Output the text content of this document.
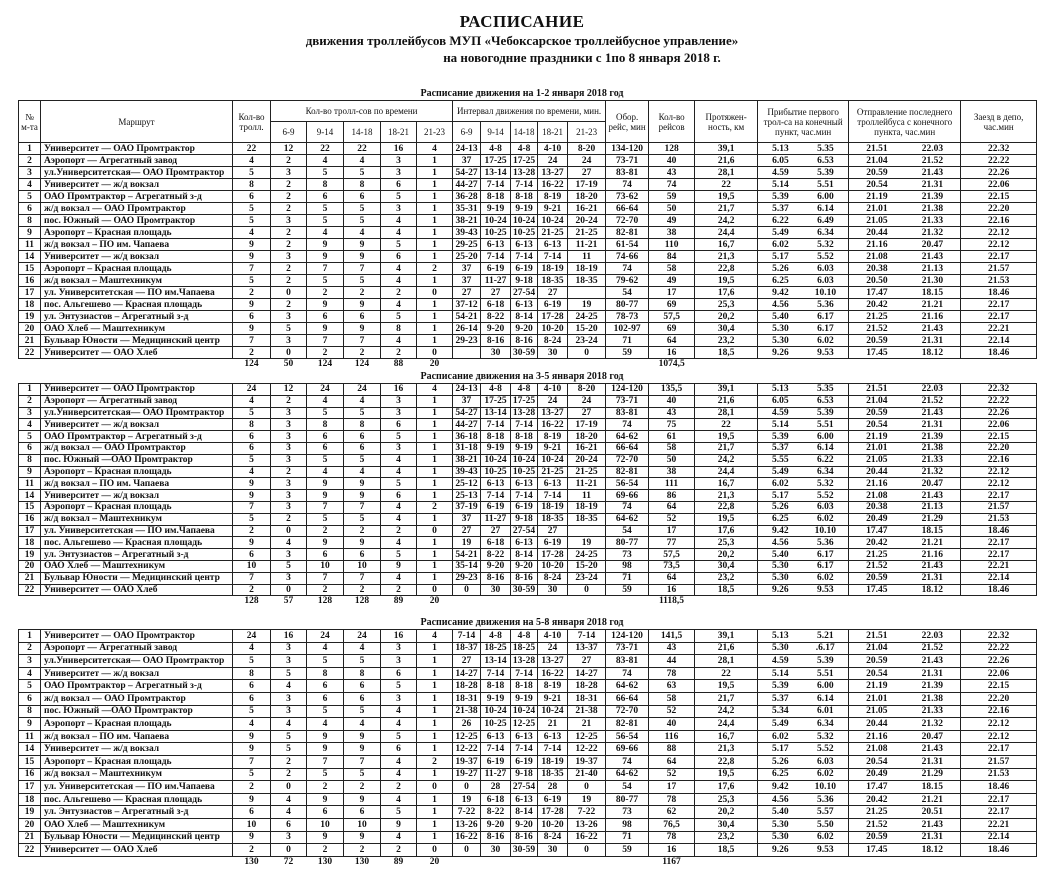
РАСПИСАНИЕ
движения троллейбусов МУП «Чебоксарское троллейбусное управление»
на новогодние праздники с 1по 8 января 2018 г.
Расписание движения на 1-2 января 2018 год
№ м-та	Маршрут	Кол-во тролл.	Кол-во тролл-сов по времени					Интервал движения по времени, мин.					Обор. рейс, мин	Кол-во рейсов	Протяжен-ность, км	Прибытие первого трол-са на конечный пункт, час.мин		Отправление последнего троллейбуса с конечного пункта, час.мин		Заезд в депо, час.мин
			6-9	9-14	14-18	18-21	21-23	6-9	9-14	14-18	18-21	21-23								
1	Университет — ОАО Промтрактор	22	12	22	22	16	4	24-13	4-8	4-8	4-10	8-20	134-120	128	39,1	5.13	5.35	21.51	22.03	22.32
2	Аэропорт — Агрегатный завод	4	2	4	4	3	1	37	17-25	17-25	24	24	73-71	40	21,6	6.05	6.53	21.04	21.52	22.22
3	ул.Университетская— ОАО Промтрактор	5	3	5	5	3	1	54-27	13-14	13-28	13-27	27	83-81	43	28,1	4.59	5.39	20.59	21.43	22.26
4	Университет — ж/д вокзал	8	2	8	8	6	1	44-27	7-14	7-14	16-22	17-19	74	74	22	5.14	5.51	20.54	21.31	22.06
5	ОАО Промтрактор – Агрегатный з-д	6	2	6	6	5	1	36-28	8-18	8-18	8-19	18-20	73-62	59	19,5	5.39	6.00	21.19	21.39	22.15
6	ж/д вокзал — ОАО Промтрактор	5	2	5	5	3	1	35-31	9-19	9-19	9-21	16-21	66-64	50	21,7	5.37	6.14	21.01	21.38	22.20
8	пос. Южный — ОАО Промтрактор	5	3	5	5	4	1	38-21	10-24	10-24	10-24	20-24	72-70	49	24,2	6.22	6.49	21.05	21.33	22.16
9	Аэропорт – Красная площадь	4	2	4	4	4	1	39-43	10-25	10-25	21-25	21-25	82-81	38	24,4	5.49	6.34	20.44	21.32	22.12
11	ж/д вокзал – ПО им. Чапаева	9	2	9	9	5	1	29-25	6-13	6-13	6-13	11-21	61-54	110	16,7	6.02	5.32	21.16	20.47	22.12
14	Университет — ж/д вокзал	9	3	9	9	6	1	25-20	7-14	7-14	7-14	11	74-66	84	21,3	5.17	5.52	21.08	21.43	22.17
15	Аэропорт – Красная площадь	7	2	7	7	4	2	37	6-19	6-19	18-19	18-19	74	58	22,8	5.26	6.03	20.38	21.13	21.57
16	ж/д вокзал – Маштехникум	5	2	5	5	4	1	37	11-27	9-18	18-35	18-35	79-62	49	19,5	6.25	6.03	20.50	21.30	21.53
17	ул. Университетская — ПО им.Чапаева	2	0	2	2	2	0	27	27	27-54	27		54	17	17,6	9.42	10.10	17.47	18.15	18.46
18	пос. Альгешево — Красная площадь	9	2	9	9	4	1	37-12	6-18	6-13	6-19	19	80-77	69	25,3	4.56	5.36	20.42	21.21	22.17
19	ул. Энтузиастов – Агрегатный з-д	6	3	6	6	5	1	54-21	8-22	8-14	17-28	24-25	78-73	57,5	20,2	5.40	6.17	21.25	21.16	22.17
20	ОАО Хлеб — Маштехникум	9	5	9	9	8	1	26-14	9-20	9-20	10-20	15-20	102-97	69	30,4	5.30	6.17	21.52	21.43	22.21
21	Бульвар Юности — Медицинский центр	7	3	7	7	4	1	29-23	8-16	8-16	8-24	23-24	71	64	23,2	5.30	6.02	20.59	21.31	22.14
22	Университет — ОАО Хлеб	2	0	2	2	2	0		30	30-59	30	0	59	16	18,5	9.26	9.53	17.45	18.12	18.46
		124	50	124	124	88	20							1074,5						
Расписание движения на 3-5 января 2018 год
1	Университет — ОАО Промтрактор	24	12	24	24	16	4	24-13	4-8	4-8	4-10	8-20	124-120	135,5	39,1	5.13	5.35	21.51	22.03	22.32
2	Аэропорт — Агрегатный завод	4	2	4	4	3	1	37	17-25	17-25	24	24	73-71	40	21,6	6.05	6.53	21.04	21.52	22.22
3	ул.Университетская— ОАО Промтрактор	5	3	5	5	3	1	54-27	13-14	13-28	13-27	27	83-81	43	28,1	4.59	5.39	20.59	21.43	22.26
4	Университет — ж/д вокзал	8	3	8	8	6	1	44-27	7-14	7-14	16-22	17-19	74	75	22	5.14	5.51	20.54	21.31	22.06
5	ОАО Промтрактор – Агрегатный з-д	6	3	6	6	5	1	36-18	8-18	8-18	8-19	18-20	64-62	61	19,5	5.39	6.00	21.19	21.39	22.15
6	ж/д вокзал — ОАО Промтрактор	6	3	6	6	3	1	31-18	9-19	9-19	9-21	16-21	66-64	58	21,7	5.37	6.14	21.01	21.38	22.20
8	пос. Южный —ОАО Промтрактор	5	3	5	5	4	1	38-21	10-24	10-24	10-24	20-24	72-70	50	24,2	5.55	6.22	21.05	21.33	22.16
9	Аэропорт – Красная площадь	4	2	4	4	4	1	39-43	10-25	10-25	21-25	21-25	82-81	38	24,4	5.49	6.34	20.44	21.32	22.12
11	ж/д вокзал – ПО им. Чапаева	9	3	9	9	5	1	25-12	6-13	6-13	6-13	11-21	56-54	111	16,7	6.02	5.32	21.16	20.47	22.12
14	Университет — ж/д вокзал	9	3	9	9	6	1	25-13	7-14	7-14	7-14	11	69-66	86	21,3	5.17	5.52	21.08	21.43	22.17
15	Аэропорт – Красная площадь	7	3	7	7	4	2	37-19	6-19	6-19	18-19	18-19	74	64	22,8	5.26	6.03	20.38	21.13	21.57
16	ж/д вокзал – Маштехникум	5	2	5	5	4	1	37	11-27	9-18	18-35	18-35	64-62	52	19,5	6.25	6.02	20.49	21.29	21.53
17	ул. Университетская — ПО им.Чапаева	2	0	2	2	2	0	27	27	27-54	27		54	17	17,6	9.42	10.10	17.47	18.15	18.46
18	пос. Альгешево — Красная площадь	9	4	9	9	4	1	19	6-18	6-13	6-19	19	80-77	77	25,3	4.56	5.36	20.42	21.21	22.17
19	ул. Энтузиастов – Агрегатный з-д	6	3	6	6	5	1	54-21	8-22	8-14	17-28	24-25	73	57,5	20,2	5.40	6.17	21.25	21.16	22.17
20	ОАО Хлеб — Маштехникум	10	5	10	10	9	1	35-14	9-20	9-20	10-20	15-20	98	73,5	30,4	5.30	6.17	21.52	21.43	22.21
21	Бульвар Юности — Медицинский центр	7	3	7	7	4	1	29-23	8-16	8-16	8-24	23-24	71	64	23,2	5.30	6.02	20.59	21.31	22.14
22	Университет — ОАО Хлеб	2	0	2	2	2	0	0	30	30-59	30	0	59	16	18,5	9.26	9.53	17.45	18.12	18.46
		128	57	128	128	89	20							1118,5						
Расписание движения на 5-8 января 2018 год
1	Университет — ОАО Промтрактор	24	16	24	24	16	4	7-14	4-8	4-8	4-10	7-14	124-120	141,5	39,1	5.13	5.21	21.51	22.03	22.32
2	Аэропорт — Агрегатный завод	4	3	4	4	3	1	18-37	18-25	18-25	24	13-37	73-71	43	21,6	5.30	.6.17	21.04	21.52	22.22
3	ул.Университетская— ОАО Промтрактор	5	3	5	5	3	1	27	13-14	13-28	13-27	27	83-81	44	28,1	4.59	5.39	20.59	21.43	22.26
4	Университет — ж/д вокзал	8	5	8	8	6	1	14-27	7-14	7-14	16-22	14-27	74	78	22	5.14	5.51	20.54	21.31	22.06
5	ОАО Промтрактор – Агрегатный з-д	6	4	6	6	5	1	18-28	8-18	8-18	8-19	18-28	64-62	63	19,5	5.39	6.00	21.19	21.39	22.15
6	ж/д вокзал — ОАО Промтрактор	6	3	6	6	3	1	18-31	9-19	9-19	9-21	18-31	66-64	58	21,7	5.37	6.14	21.01	21.38	22.20
8	пос. Южный —ОАО Промтрактор	5	3	5	5	4	1	21-38	10-24	10-24	10-24	21-38	72-70	52	24,2	5.34	6.01	21.05	21.33	22.16
9	Аэропорт – Красная площадь	4	4	4	4	4	1	26	10-25	12-25	21	21	82-81	40	24,4	5.49	6.34	20.44	21.32	22.12
11	ж/д вокзал – ПО им. Чапаева	9	5	9	9	5	1	12-25	6-13	6-13	6-13	12-25	56-54	116	16,7	6.02	5.32	21.16	20.47	22.12
14	Университет — ж/д вокзал	9	5	9	9	6	1	12-22	7-14	7-14	7-14	12-22	69-66	88	21,3	5.17	5.52	21.08	21.43	22.17
15	Аэропорт – Красная площадь	7	2	7	7	4	2	19-37	6-19	6-19	18-19	19-37	74	64	22,8	5.26	6.03	20.54	21.31	21.57
16	ж/д вокзал – Маштехникум	5	2	5	5	4	1	19-27	11-27	9-18	18-35	21-40	64-62	52	19,5	6.25	6.02	20.49	21.29	21.53
17	ул. Университетская — ПО им.Чапаева	2	0	2	2	2	0	0	28	27-54	28	0	54	17	17,6	9.42	10.10	17.47	18.15	18.46
18	пос. Альгешево — Красная площадь	9	4	9	9	4	1	19	6-18	6-13	6-19	19	80-77	78	25,3	4.56	5.36	20.42	21.21	22.17
19	ул. Энтузиастов – Агрегатный з-д	6	4	6	6	5	1	7-22	8-22	8-14	17-28	7-22	73	62	20,2	5.40	5.57	21.25	20.51	22.17
20	ОАО Хлеб — Маштехникум	10	6	10	10	9	1	13-26	9-20	9-20	10-20	13-26	98	76,5	30,4	5.30	5.50	21.52	21.43	22.21
21	Бульвар Юности — Медицинский центр	9	3	9	9	4	1	16-22	8-16	8-16	8-24	16-22	71	78	23,2	5.30	6.02	20.59	21.31	22.14
22	Университет — ОАО Хлеб	2	0	2	2	2	0	0	30	30-59	30	0	59	16	18,5	9.26	9.53	17.45	18.12	18.46
		130	72	130	130	89	20							1167						
